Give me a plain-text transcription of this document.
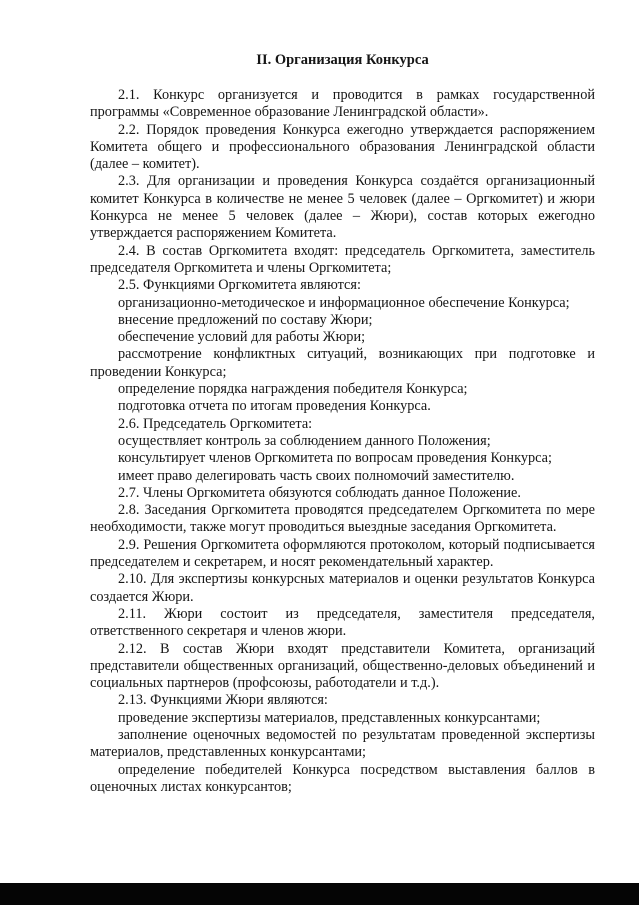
II. Организация Конкурса

2.1. Конкурс организуется и проводится в рамках государственной программы «Современное образование Ленинградской области».

2.2. Порядок проведения Конкурса ежегодно утверждается распоряжением Комитета общего и профессионального образования Ленинградской области (далее – комитет).

2.3. Для организации и проведения Конкурса создаётся организационный комитет Конкурса в количестве не менее 5 человек (далее – Оргкомитет) и жюри Конкурса не менее 5 человек (далее – Жюри), состав которых ежегодно утверждается распоряжением Комитета.

2.4. В состав Оргкомитета входят: председатель Оргкомитета, заместитель председателя Оргкомитета и члены Оргкомитета;

2.5. Функциями Оргкомитета являются:

организационно-методическое и информационное обеспечение Конкурса;

внесение предложений по составу Жюри;

обеспечение условий для работы Жюри;

рассмотрение конфликтных ситуаций, возникающих при подготовке и проведении Конкурса;

определение порядка награждения победителя Конкурса;

подготовка отчета по итогам проведения Конкурса.

2.6. Председатель Оргкомитета:

осуществляет контроль за соблюдением данного Положения;

консультирует членов Оргкомитета по вопросам проведения Конкурса;

имеет право делегировать часть своих полномочий заместителю.

2.7. Члены Оргкомитета обязуются соблюдать данное Положение.

2.8. Заседания Оргкомитета проводятся председателем Оргкомитета по мере необходимости, также могут проводиться выездные заседания Оргкомитета.

2.9. Решения Оргкомитета оформляются протоколом, который подписывается председателем и секретарем, и носят рекомендательный характер.

2.10. Для экспертизы конкурсных материалов и оценки результатов Конкурса создается Жюри.

2.11. Жюри состоит из председателя, заместителя председателя, ответственного секретаря и членов жюри.

2.12. В состав Жюри входят представители Комитета, организаций представители общественных организаций, общественно-деловых объединений и социальных партнеров (профсоюзы, работодатели и т.д.).

2.13. Функциями Жюри являются:

проведение экспертизы материалов, представленных конкурсантами;

заполнение оценочных ведомостей по результатам проведенной экспертизы материалов, представленных конкурсантами;

определение победителей Конкурса посредством выставления баллов в оценочных листах конкурсантов;
